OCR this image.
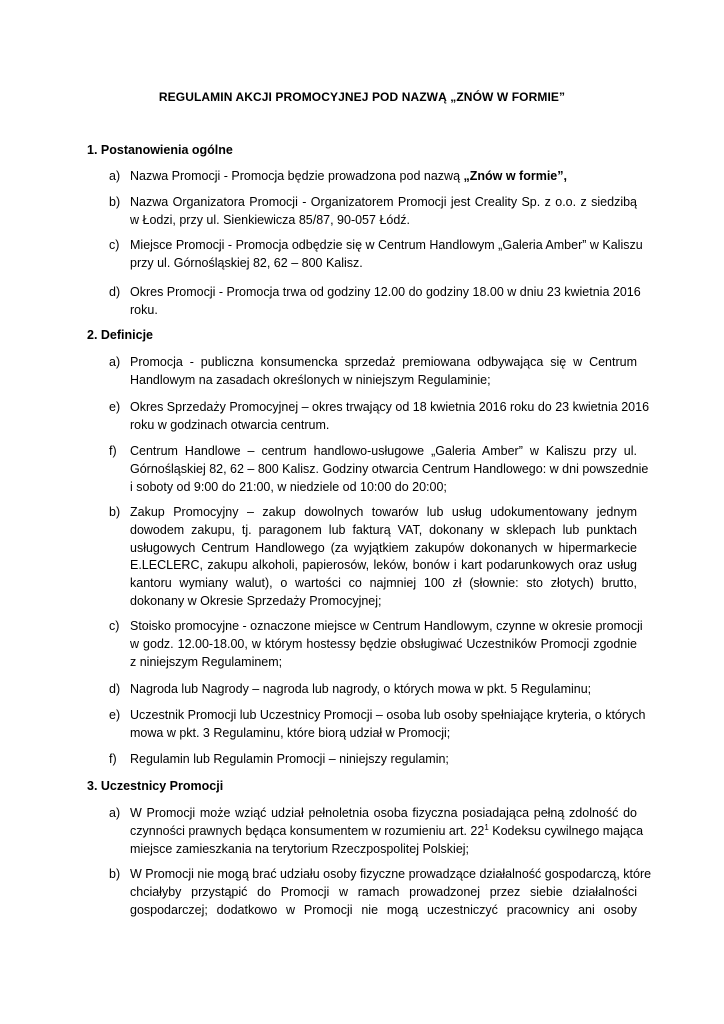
REGULAMIN AKCJI PROMOCYJNEJ POD NAZWĄ „ZNÓW W FORMIE”
1. Postanowienia ogólne
a) Nazwa Promocji - Promocja będzie prowadzona pod nazwą „Znów w formie”,
b) Nazwa Organizatora Promocji - Organizatorem Promocji jest Creality Sp. z o.o. z siedzibą
w Łodzi, przy ul. Sienkiewicza 85/87, 90-057 Łódź.
c) Miejsce Promocji - Promocja odbędzie się w Centrum Handlowym „Galeria Amber” w Kaliszu
przy ul. Górnośląskiej 82, 62 – 800 Kalisz.
d) Okres Promocji - Promocja trwa od godziny 12.00 do godziny 18.00 w dniu 23 kwietnia 2016
roku.
2. Definicje
a) Promocja - publiczna konsumencka sprzedaż premiowana odbywająca się w Centrum
Handlowym na zasadach określonych w niniejszym Regulaminie;
e) Okres Sprzedaży Promocyjnej – okres trwający od 18 kwietnia 2016 roku do 23 kwietnia 2016
roku w godzinach otwarcia centrum.
f)	Centrum Handlowe – centrum handlowo-usługowe „Galeria Amber” w Kaliszu przy ul.
Górnośląskiej 82, 62 – 800 Kalisz. Godziny otwarcia Centrum Handlowego: w dni powszednie
i soboty od 9:00 do 21:00, w niedziele od 10:00 do 20:00;
b) Zakup Promocyjny – zakup dowolnych towarów lub usług udokumentowany jednym
dowodem zakupu, tj. paragonem lub fakturą VAT, dokonany w sklepach lub punktach
usługowych Centrum Handlowego (za wyjątkiem zakupów dokonanych w hipermarkecie
E.LECLERC, zakupu alkoholi, papierosów, leków, bonów i kart podarunkowych oraz usług
kantoru wymiany walut), o wartości co najmniej 100 zł (słownie: sto złotych) brutto,
dokonany w Okresie Sprzedaży Promocyjnej;
c) Stoisko promocyjne - oznaczone miejsce w Centrum Handlowym, czynne w okresie promocji
w godz. 12.00-18.00, w którym hostessy będzie obsługiwać Uczestników Promocji zgodnie
z niniejszym Regulaminem;
d) Nagroda lub Nagrody – nagroda lub nagrody, o których mowa w pkt. 5 Regulaminu;
e) Uczestnik Promocji lub Uczestnicy Promocji – osoba lub osoby spełniające kryteria, o których
mowa w pkt. 3 Regulaminu, które biorą udział w Promocji;
f)	Regulamin lub Regulamin Promocji – niniejszy regulamin;
3. Uczestnicy Promocji
a) W Promocji może wziąć udział pełnoletnia osoba fizyczna posiadająca pełną zdolność do
czynności prawnych będąca konsumentem w rozumieniu art. $22^1$ Kodeksu cywilnego mająca
miejsce zamieszkania na terytorium Rzeczpospolitej Polskiej;
b) W Promocji nie mogą brać udziału osoby fizyczne prowadzące działalność gospodarczą, które
chciałyby przystąpić do Promocji w ramach prowadzonej przez siebie działalności
gospodarczej; dodatkowo w Promocji nie mogą uczestniczyć pracownicy ani osoby
